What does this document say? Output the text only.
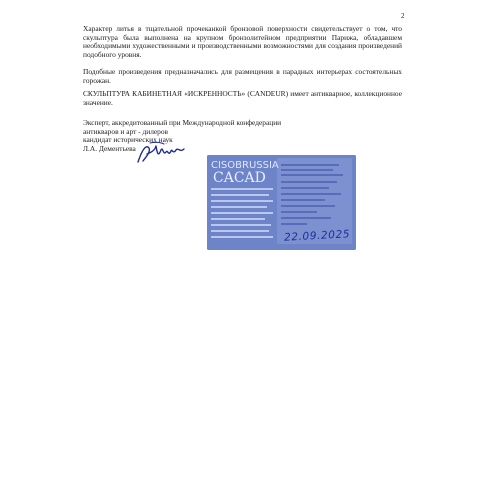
2
Характер литья в тщательной прочеканкой бронзовой поверхности свидетельствует о том, что скульптура была выполнена на крупном бронзолитейном предприятии Парижа, обладавшем необходимыми художественными и производственными возможностями для создания произведений подобного уровня.
Подобные произведения предназначались для размещения в парадных интерьерах состоятельных горожан.
СКУЛЬПТУРА КАБИНЕТНАЯ «ИСКРЕННОСТЬ» (CANDEUR) имеет антикварное, коллекционное значение.
Эксперт, аккредитованный при Международной конфедерации
антикваров и арт - дилеров
кандидат исторических наук
Л.А. Дементьева
CISOBRUSSIA
CACAD
22.09.2025
